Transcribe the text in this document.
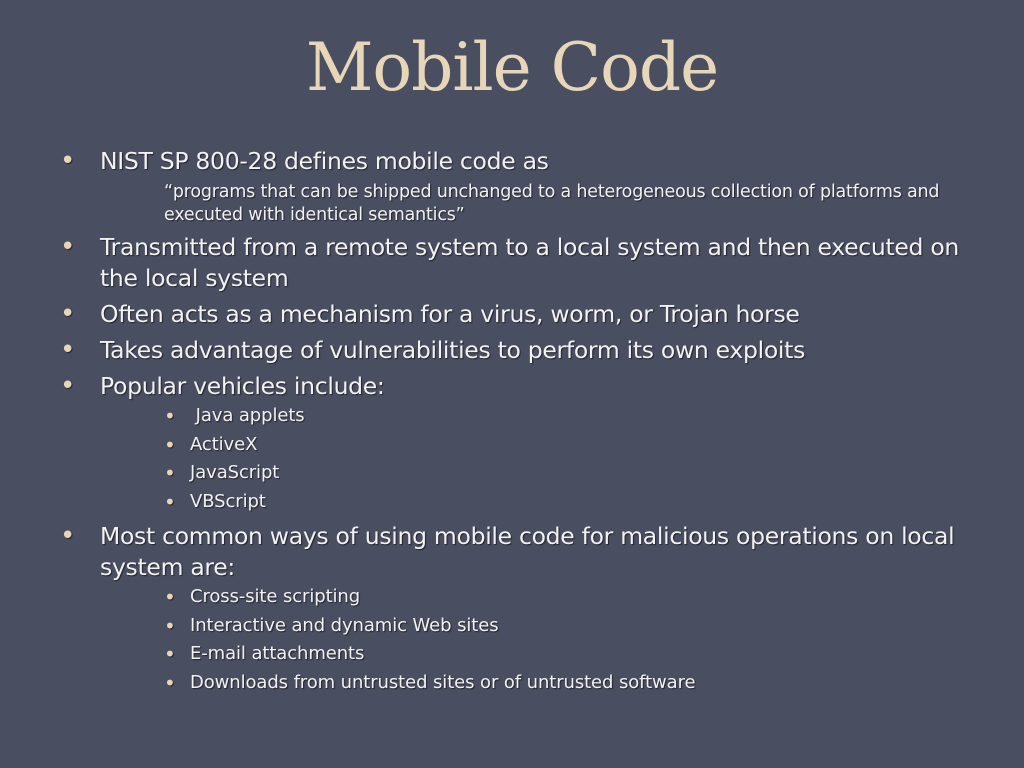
Mobile Code
• NIST SP 800-28 defines mobile code as
“programs that can be shipped unchanged to a heterogeneous collection of platforms and executed with identical semantics”
• Transmitted from a remote system to a local system and then executed on the local system
• Often acts as a mechanism for a virus, worm, or Trojan horse
• Takes advantage of vulnerabilities to perform its own exploits
• Popular vehicles include:
• Java applets
• ActiveX
• JavaScript
• VBScript
• Most common ways of using mobile code for malicious operations on local system are:
• Cross-site scripting
• Interactive and dynamic Web sites
• E-mail attachments
• Downloads from untrusted sites or of untrusted software
